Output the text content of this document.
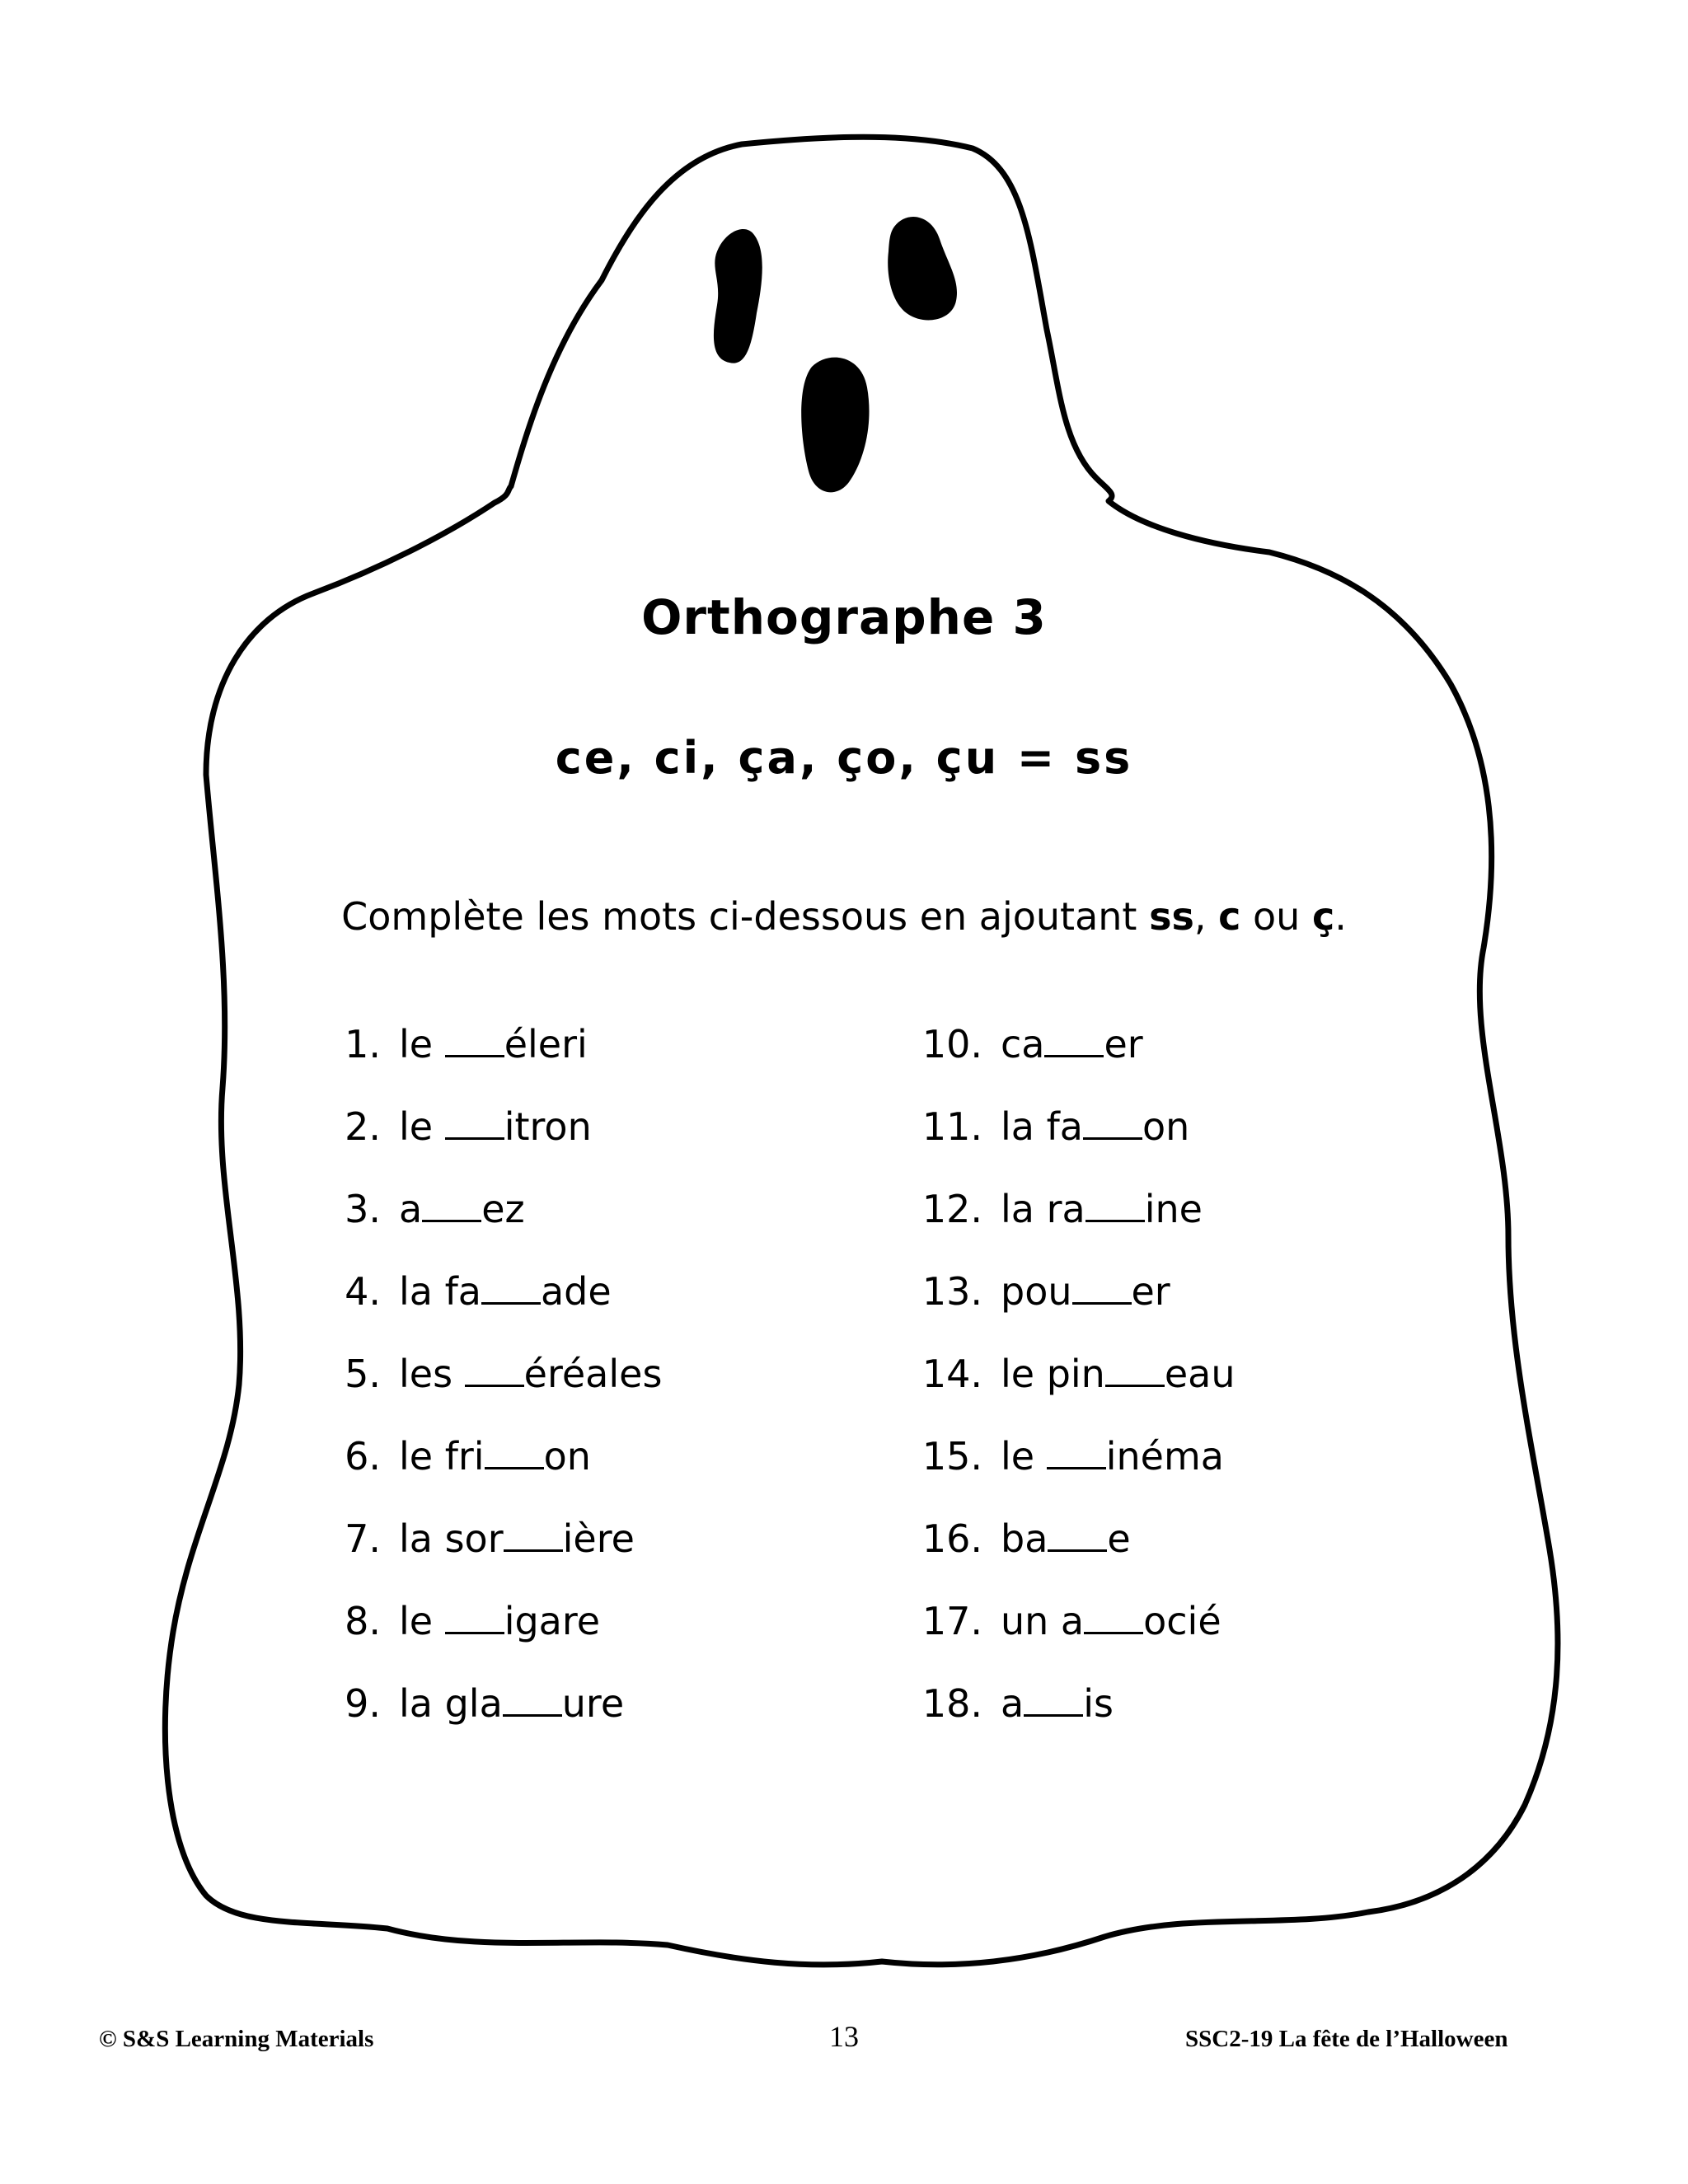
Orthographe 3
ce, ci, ça, ço, çu = ss
Complète les mots ci-dessous en ajoutant ss, c ou ç.
1. le éleri
2. le itron
3. a ez
4. la fa ade
5. les éréales
6. le fri on
7. la sor ière
8. le igare
9. la gla ure
10. ca er
11. la fa on
12. la ra ine
13. pou er
14. le pin eau
15. le inéma
16. ba e
17. un a ocié
18. a is
© S&S Learning Materials	13	SSC2-19 La fête de l’Halloween
